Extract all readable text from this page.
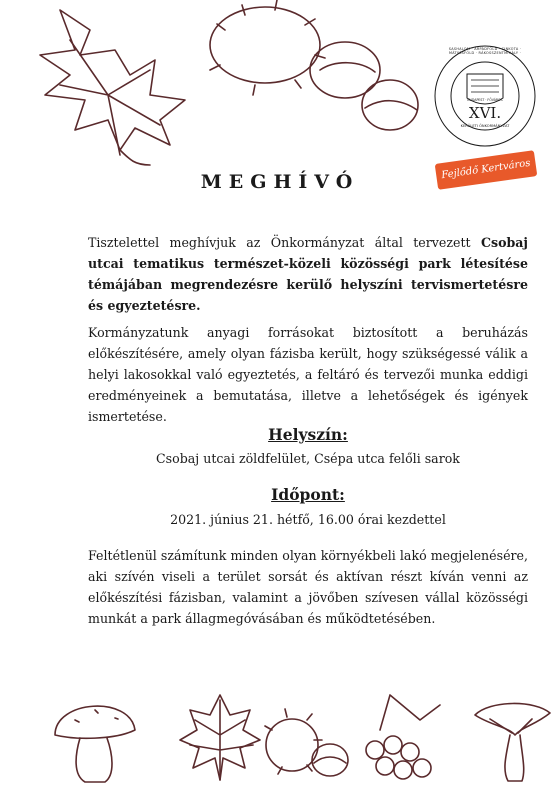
XVI.
BUDAPEST · FŐVÁROS
KERÜLETI ÖNKORMÁNYZAT
SASHALOM · ÁRPÁDFÖLD · CINKOTA · MÁTYÁSFÖLD · RÁKOSSZENTMIHÁLY ·
Fejlődő Kertváros
MEGHÍVÓ

Tisztelettel meghívjuk az Önkormányzat által tervezett Csobaj utcai tematikus természet-közeli közösségi park létesítése témájában megrendezésre kerülő helyszíni tervismertetésre és egyeztetésre.

Kormányzatunk anyagi forrásokat biztosított a beruházás előkészítésére, amely olyan fázisba került, hogy szükségessé válik a helyi lakosokkal való egyeztetés, a feltáró és tervezői munka eddigi eredményeinek a bemutatása, illetve a lehetőségek és igények ismertetése.

Helyszín:

Csobaj utcai zöldfelület, Csépa utca felőli sarok

Időpont:

2021. június 21. hétfő, 16.00 órai kezdettel

Feltétlenül számítunk minden olyan környékbeli lakó megjelenésére, aki szívén viseli a terület sorsát és aktívan részt kíván venni az előkészítési fázisban, valamint a jövőben szívesen vállal közösségi munkát a park állagmegóvásában és működtetésében.
